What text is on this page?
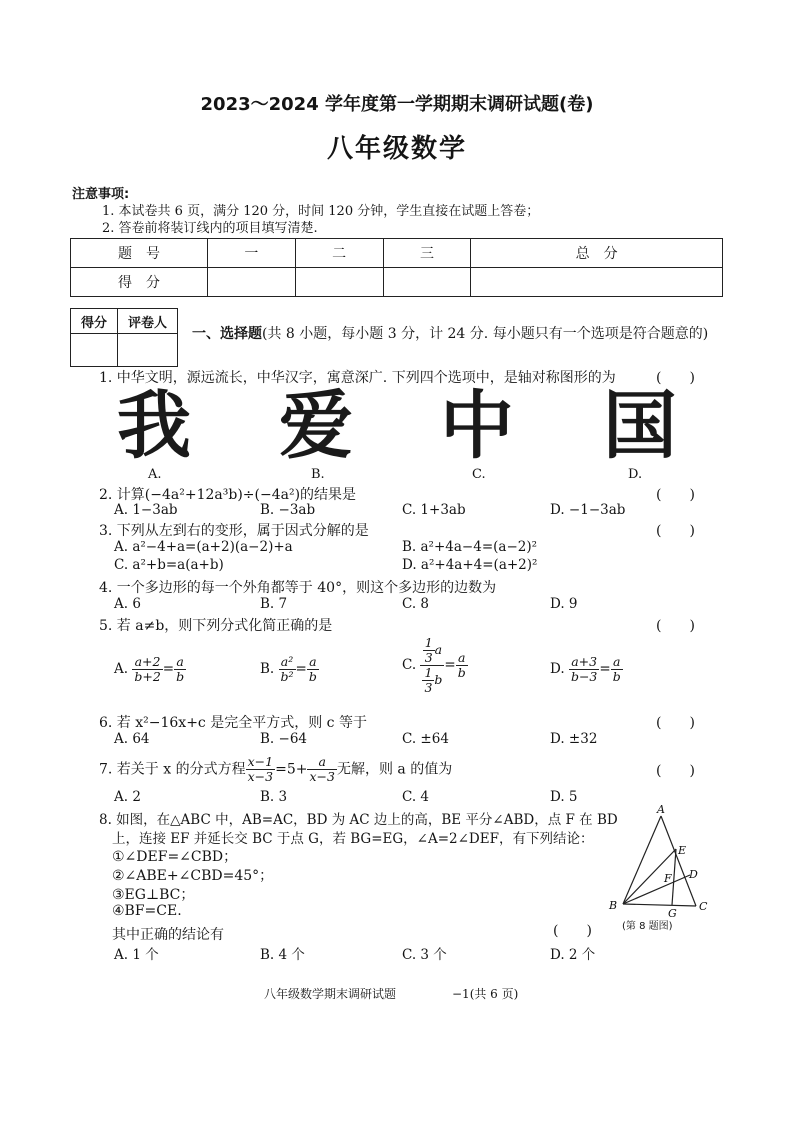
2023～2024 学年度第一学期期末调研试题(卷)
八年级数学
注意事项:
1. 本试卷共 6 页，满分 120 分，时间 120 分钟，学生直接在试题上答卷；
2. 答卷前将装订线内的项目填写清楚.
题　号	一	二	三	总　分
得　分				
得分	评卷人

一、选择题(共 8 小题，每小题 3 分，计 24 分. 每小题只有一个选项是符合题意的)
1. 中华文明，源远流长，中华汉字，寓意深广. 下列四个选项中，是轴对称图形的为	(　　)
我 爱 中 国
A.	B.	C.	D.
2. 计算(−4a²+12a³b)÷(−4a²)的结果是	(　　)
A. 1−3ab	B. −3ab	C. 1+3ab	D. −1−3ab
3. 下列从左到右的变形，属于因式分解的是	(　　)
A. a²−4+a=(a+2)(a−2)+a	B. a²+4a−4=(a−2)²
C. a²+b=a(a+b)	D. a²+4a+4=(a+2)²
4. 一个多边形的每一个外角都等于 40°，则这个多边形的边数为
A. 6	B. 7	C. 8	D. 9
5. 若 a≠b，则下列分式化简正确的是	(　　)
A. $\frac{a+2}{b+2} = \frac{a}{b}$	B. $\frac{\text{a²}}{\text{b²}} = \frac{a}{b}$	C. $\frac{\frac{1}{3} a}{\frac{1}{3} b} = \frac{a}{b}$	D. $\frac{a+3}{b-3} = \frac{a}{b}$
6. 若 x²−16x+c 是完全平方式，则 c 等于	(　　)
A. 64	B. −64	C. ±64	D. ±32
7. 若关于 x 的分式方程 $\frac{x-1}{x-3} =5+ \frac{a}{x-3}$ 无解，则 a 的值为	(　　)
A. 2	B. 3	C. 4	D. 5
8. 如图，在△ABC 中，AB=AC，BD 为 AC 边上的高，BE 平分∠ABD，点 F 在 BD
上，连接 EF 并延长交 BC 于点 G，若 BG=EG，∠A=2∠DEF，有下列结论：
①∠DEF=∠CBD；
②∠ABE+∠CBD=45°；
③EG⊥BC；
④BF=CE.
其中正确的结论有	(　　)
A. 1 个	B. 4 个	C. 3 个	D. 2 个
A
E
D
F
B
G
C
(第 8 题图)
八年级数学期末调研试题	−1(共 6 页)
